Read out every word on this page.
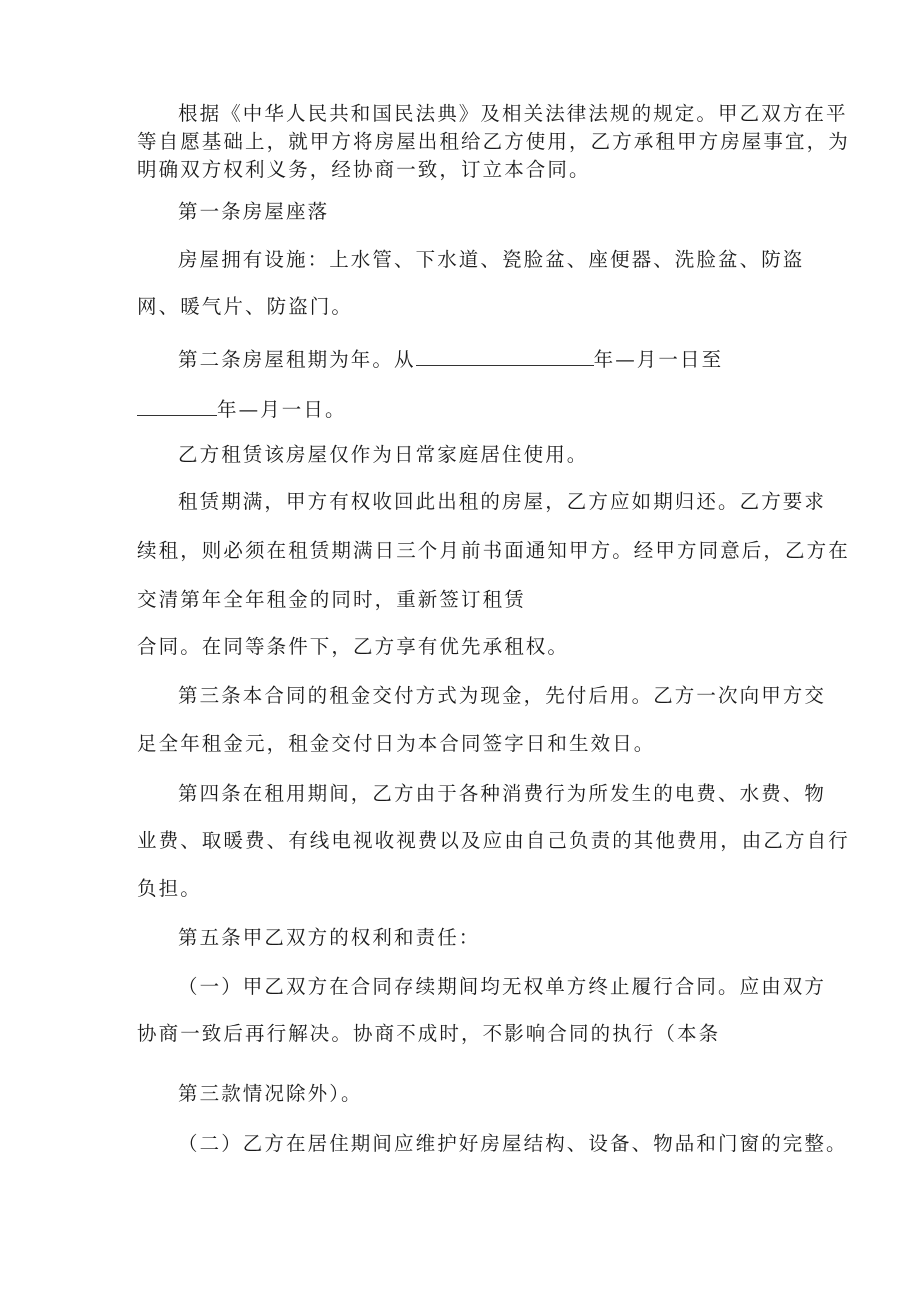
根据《中华人民共和国民法典》及相关法律法规的规定。甲乙双方在平
等自愿基础上，就甲方将房屋出租给乙方使用，乙方承租甲方房屋事宜，为
明确双方权利义务，经协商一致，订立本合同。
第一条房屋座落
房屋拥有设施：上水管、下水道、瓷脸盆、座便器、洗脸盆、防盗
网、暖气片、防盗门。
第二条房屋租期为年。从	年—月一日至
年—月一日。
乙方租赁该房屋仅作为日常家庭居住使用。
租赁期满，甲方有权收回此出租的房屋，乙方应如期归还。乙方要求
续租，则必须在租赁期满日三个月前书面通知甲方。经甲方同意后，乙方在
交清第年全年租金的同时，重新签订租赁
合同。在同等条件下，乙方享有优先承租权。
第三条本合同的租金交付方式为现金，先付后用。乙方一次向甲方交
足全年租金元，租金交付日为本合同签字日和生效日。
第四条在租用期间，乙方由于各种消费行为所发生的电费、水费、物
业费、取暖费、有线电视收视费以及应由自己负责的其他费用，由乙方自行
负担。
第五条甲乙双方的权利和责任：
（一）甲乙双方在合同存续期间均无权单方终止履行合同。应由双方
协商一致后再行解决。协商不成时，不影响合同的执行（本条
第三款情况除外）。
（二）乙方在居住期间应维护好房屋结构、设备、物品和门窗的完整。
